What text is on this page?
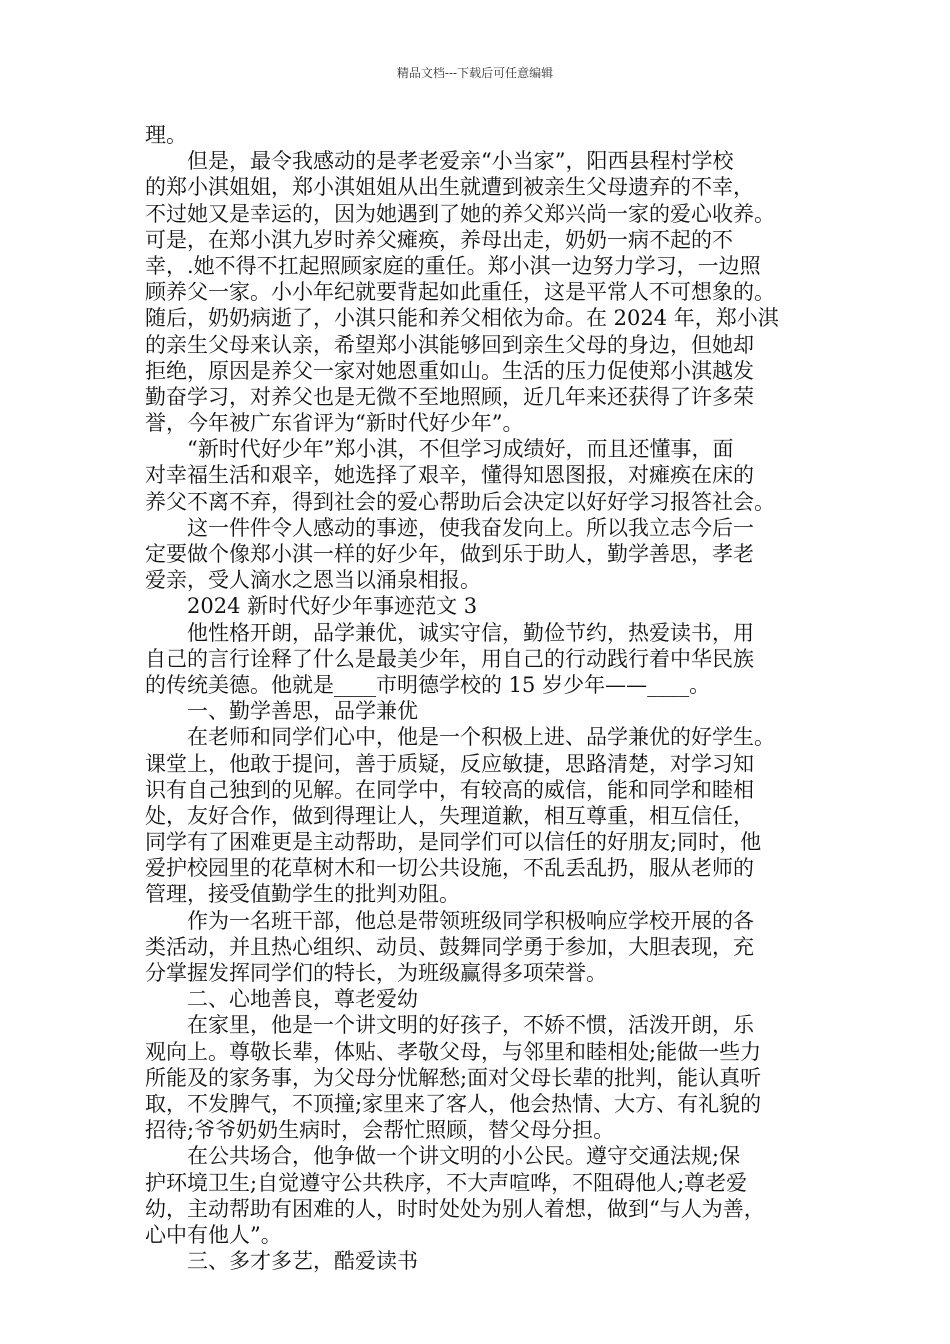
精品文档---下载后可任意编辑
理。
　　但是，最令我感动的是孝老爱亲“小当家”，阳西县程村学校
的郑小淇姐姐，郑小淇姐姐从出生就遭到被亲生父母遗弃的不幸，
不过她又是幸运的，因为她遇到了她的养父郑兴尚一家的爱心收养。
可是，在郑小淇九岁时养父瘫痪，养母出走，奶奶一病不起的不
幸，.她不得不扛起照顾家庭的重任。郑小淇一边努力学习，一边照
顾养父一家。小小年纪就要背起如此重任，这是平常人不可想象的。
随后，奶奶病逝了，小淇只能和养父相依为命。在 2024 年，郑小淇
的亲生父母来认亲，希望郑小淇能够回到亲生父母的身边，但她却
拒绝，原因是养父一家对她恩重如山。生活的压力促使郑小淇越发
勤奋学习，对养父也是无微不至地照顾，近几年来还获得了许多荣
誉，今年被广东省评为“新时代好少年”。
　　“新时代好少年”郑小淇，不但学习成绩好，而且还懂事，面
对幸福生活和艰辛，她选择了艰辛，懂得知恩图报，对瘫痪在床的
养父不离不弃，得到社会的爱心帮助后会决定以好好学习报答社会。
　　这一件件令人感动的事迹，使我奋发向上。所以我立志今后一
定要做个像郑小淇一样的好少年，做到乐于助人，勤学善思，孝老
爱亲，受人滴水之恩当以涌泉相报。
　　2024 新时代好少年事迹范文 3
　　他性格开朗，品学兼优，诚实守信，勤俭节约，热爱读书，用
自己的言行诠释了什么是最美少年，用自己的行动践行着中华民族
的传统美德。他就是____市明德学校的 15 岁少年——____。
　　一、勤学善思，品学兼优
　　在老师和同学们心中，他是一个积极上进、品学兼优的好学生。
课堂上，他敢于提问，善于质疑，反应敏捷，思路清楚，对学习知
识有自己独到的见解。在同学中，有较高的威信，能和同学和睦相
处，友好合作，做到得理让人，失理道歉，相互尊重，相互信任，
同学有了困难更是主动帮助，是同学们可以信任的好朋友;同时，他
爱护校园里的花草树木和一切公共设施，不乱丢乱扔，服从老师的
管理，接受值勤学生的批判劝阻。
　　作为一名班干部，他总是带领班级同学积极响应学校开展的各
类活动，并且热心组织、动员、鼓舞同学勇于参加，大胆表现，充
分掌握发挥同学们的特长，为班级赢得多项荣誉。
　　二、心地善良，尊老爱幼
　　在家里，他是一个讲文明的好孩子，不娇不惯，活泼开朗，乐
观向上。尊敬长辈，体贴、孝敬父母，与邻里和睦相处;能做一些力
所能及的家务事，为父母分忧解愁;面对父母长辈的批判，能认真听
取，不发脾气，不顶撞;家里来了客人，他会热情、大方、有礼貌的
招待;爷爷奶奶生病时，会帮忙照顾，替父母分担。
　　在公共场合，他争做一个讲文明的小公民。遵守交通法规;保
护环境卫生;自觉遵守公共秩序，不大声喧哗，不阻碍他人;尊老爱
幼，主动帮助有困难的人，时时处处为别人着想，做到“与人为善，
心中有他人”。
　　三、多才多艺，酷爱读书
